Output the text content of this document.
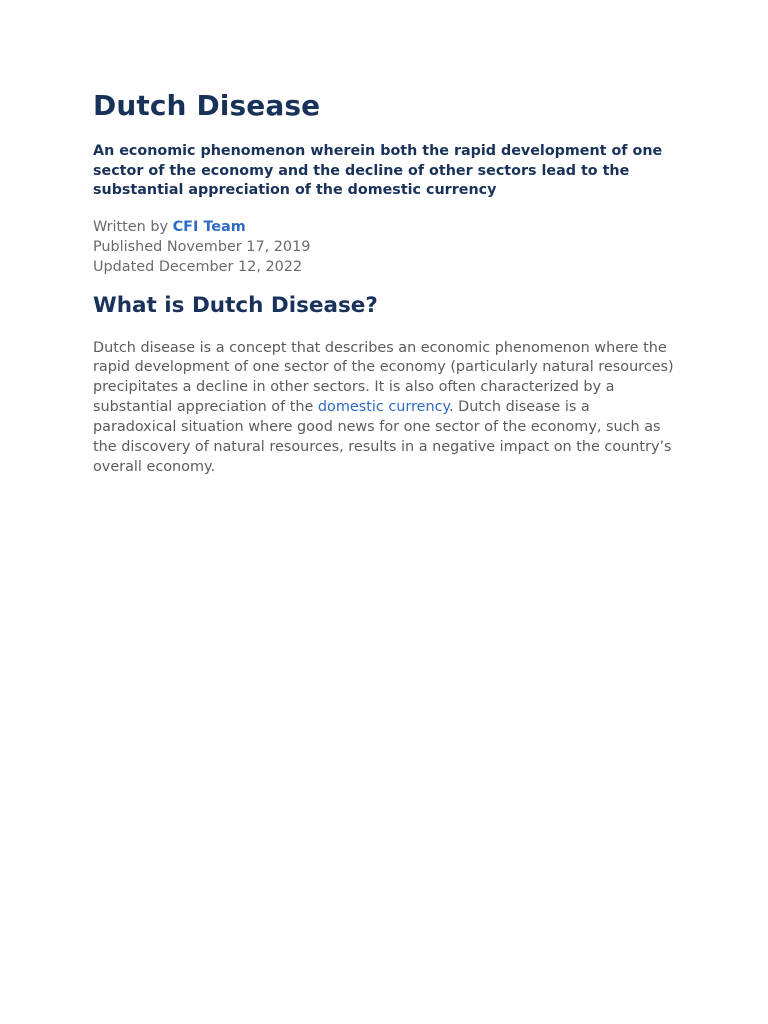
Dutch Disease

An economic phenomenon wherein both the rapid development of one sector of the economy and the decline of other sectors lead to the substantial appreciation of the domestic currency

Written by CFI Team
Published November 17, 2019
Updated December 12, 2022
What is Dutch Disease?

Dutch disease is a concept that describes an economic phenomenon where the rapid development of one sector of the economy (particularly natural resources) precipitates a decline in other sectors. It is also often characterized by a substantial appreciation of the domestic currency. Dutch disease is a paradoxical situation where good news for one sector of the economy, such as the discovery of natural resources, results in a negative impact on the country’s overall economy.
